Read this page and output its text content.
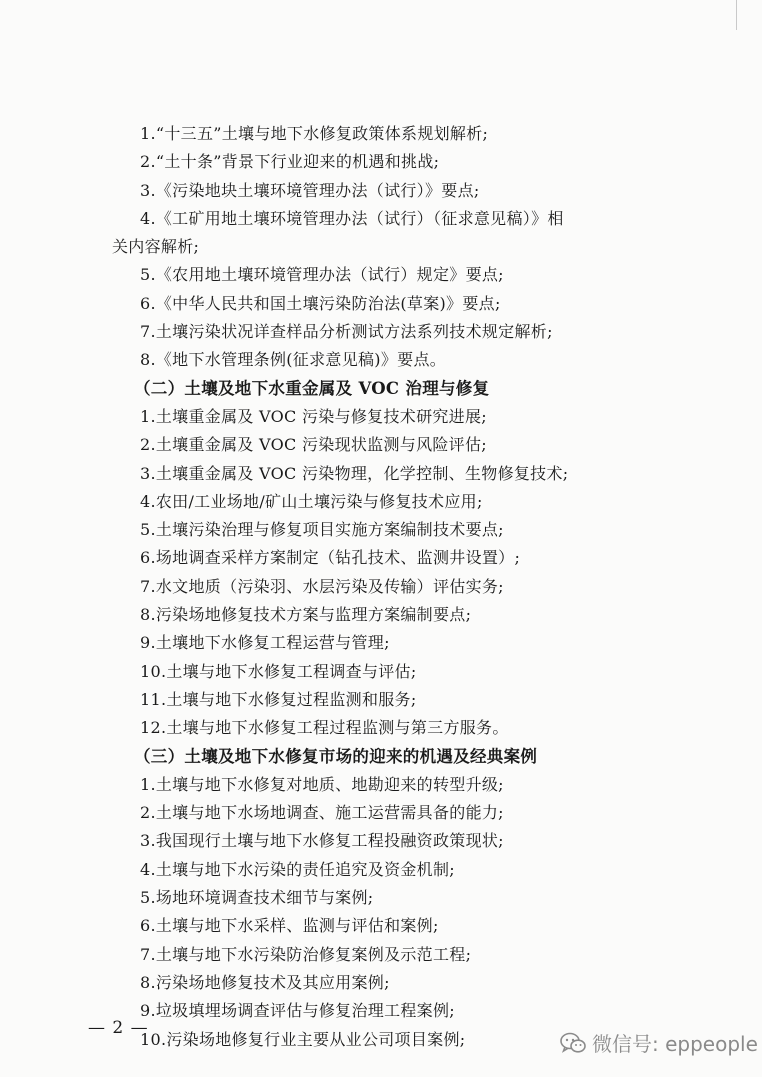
1.“十三五”土壤与地下水修复政策体系规划解析;
2.“土十条”背景下行业迎来的机遇和挑战;
3.《污染地块土壤环境管理办法（试行）》要点;
4.《工矿用地土壤环境管理办法（试行）（征求意见稿）》相
关内容解析;
5.《农用地土壤环境管理办法（试行）规定》要点;
6.《中华人民共和国土壤污染防治法(草案)》要点;
7.土壤污染状况详查样品分析测试方法系列技术规定解析;
8.《地下水管理条例(征求意见稿)》要点。
（二）土壤及地下水重金属及 VOC 治理与修复
1.土壤重金属及 VOC 污染与修复技术研究进展;
2.土壤重金属及 VOC 污染现状监测与风险评估;
3.土壤重金属及 VOC 污染物理，化学控制、生物修复技术;
4.农田/工业场地/矿山土壤污染与修复技术应用;
5.土壤污染治理与修复项目实施方案编制技术要点;
6.场地调查采样方案制定（钻孔技术、监测井设置）;
7.水文地质（污染羽、水层污染及传输）评估实务;
8.污染场地修复技术方案与监理方案编制要点;
9.土壤地下水修复工程运营与管理;
10.土壤与地下水修复工程调查与评估;
11.土壤与地下水修复过程监测和服务;
12.土壤与地下水修复工程过程监测与第三方服务。
（三）土壤及地下水修复市场的迎来的机遇及经典案例
1.土壤与地下水修复对地质、地勘迎来的转型升级;
2.土壤与地下水场地调查、施工运营需具备的能力;
3.我国现行土壤与地下水修复工程投融资政策现状;
4.土壤与地下水污染的责任追究及资金机制;
5.场地环境调查技术细节与案例;
6.土壤与地下水采样、监测与评估和案例;
7.土壤与地下水污染防治修复案例及示范工程;
8.污染场地修复技术及其应用案例;
9.垃圾填埋场调查评估与修复治理工程案例;
10.污染场地修复行业主要从业公司项目案例;
— 2 —
微信号: eppeople
